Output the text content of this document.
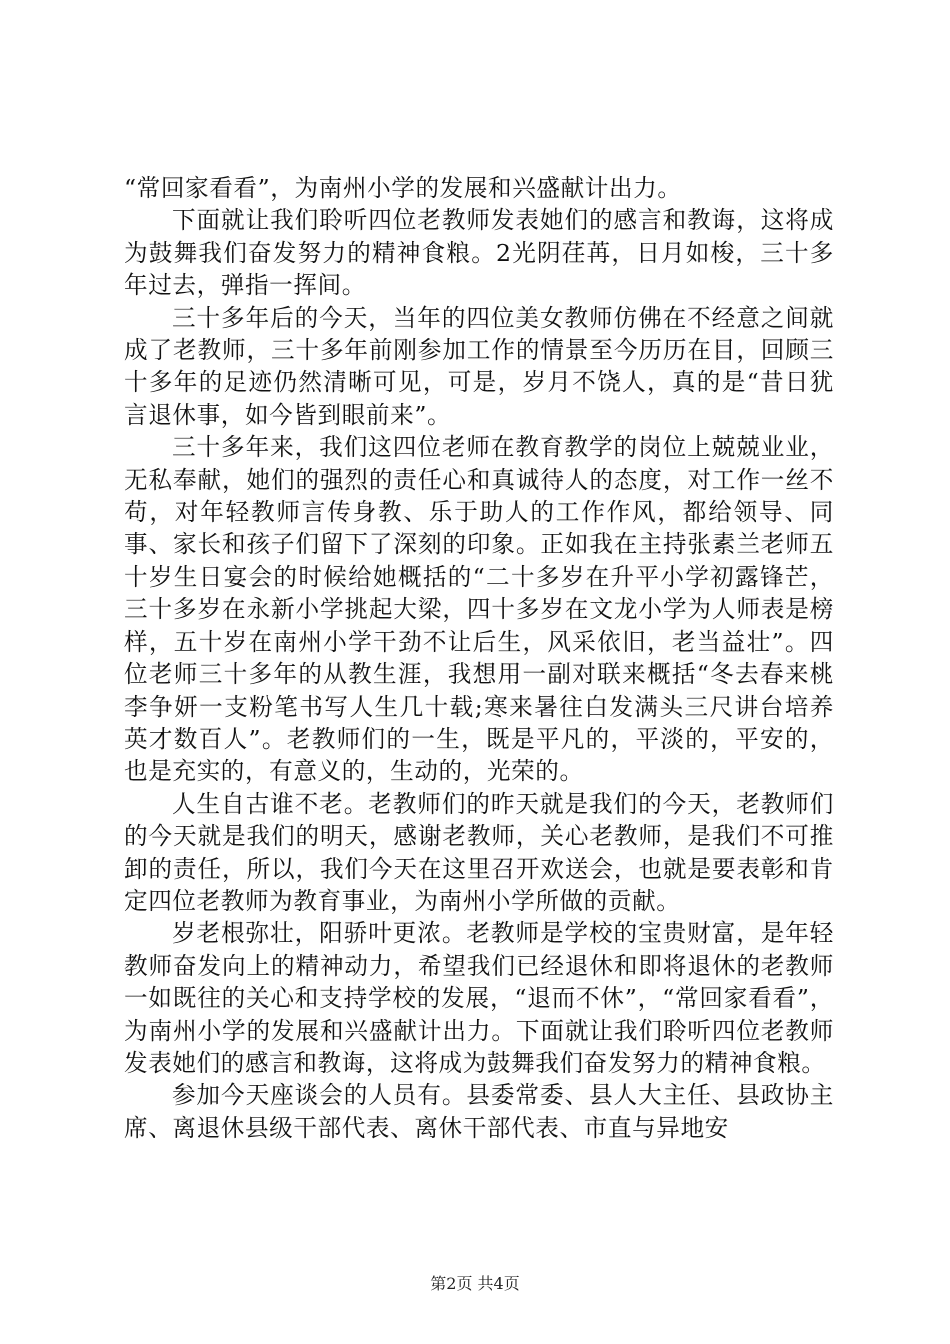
“常回家看看”，为南州小学的发展和兴盛献计出力。

下面就让我们聆听四位老教师发表她们的感言和教诲，这将成为鼓舞我们奋发努力的精神食粮。2光阴荏苒，日月如梭，三十多年过去，弹指一挥间。

三十多年后的今天，当年的四位美女教师仿佛在不经意之间就成了老教师，三十多年前刚参加工作的情景至今历历在目，回顾三十多年的足迹仍然清晰可见，可是，岁月不饶人，真的是“昔日犹言退休事，如今皆到眼前来”。

三十多年来，我们这四位老师在教育教学的岗位上兢兢业业，无私奉献，她们的强烈的责任心和真诚待人的态度，对工作一丝不苟，对年轻教师言传身教、乐于助人的工作作风，都给领导、同事、家长和孩子们留下了深刻的印象。正如我在主持张素兰老师五十岁生日宴会的时候给她概括的“二十多岁在升平小学初露锋芒，三十多岁在永新小学挑起大梁，四十多岁在文龙小学为人师表是榜样，五十岁在南州小学干劲不让后生，风采依旧，老当益壮”。四位老师三十多年的从教生涯，我想用一副对联来概括“冬去春来桃李争妍一支粉笔书写人生几十载;寒来暑往白发满头三尺讲台培养英才数百人”。老教师们的一生，既是平凡的，平淡的，平安的，也是充实的，有意义的，生动的，光荣的。

人生自古谁不老。老教师们的昨天就是我们的今天，老教师们的今天就是我们的明天，感谢老教师，关心老教师，是我们不可推卸的责任，所以，我们今天在这里召开欢送会，也就是要表彰和肯定四位老教师为教育事业，为南州小学所做的贡献。

岁老根弥壮，阳骄叶更浓。老教师是学校的宝贵财富，是年轻教师奋发向上的精神动力，希望我们已经退休和即将退休的老教师一如既往的关心和支持学校的发展，“退而不休”，“常回家看看”，为南州小学的发展和兴盛献计出力。下面就让我们聆听四位老教师发表她们的感言和教诲，这将成为鼓舞我们奋发努力的精神食粮。

参加今天座谈会的人员有。县委常委、县人大主任、县政协主席、离退休县级干部代表、离休干部代表、市直与异地安

第2页 共4页
